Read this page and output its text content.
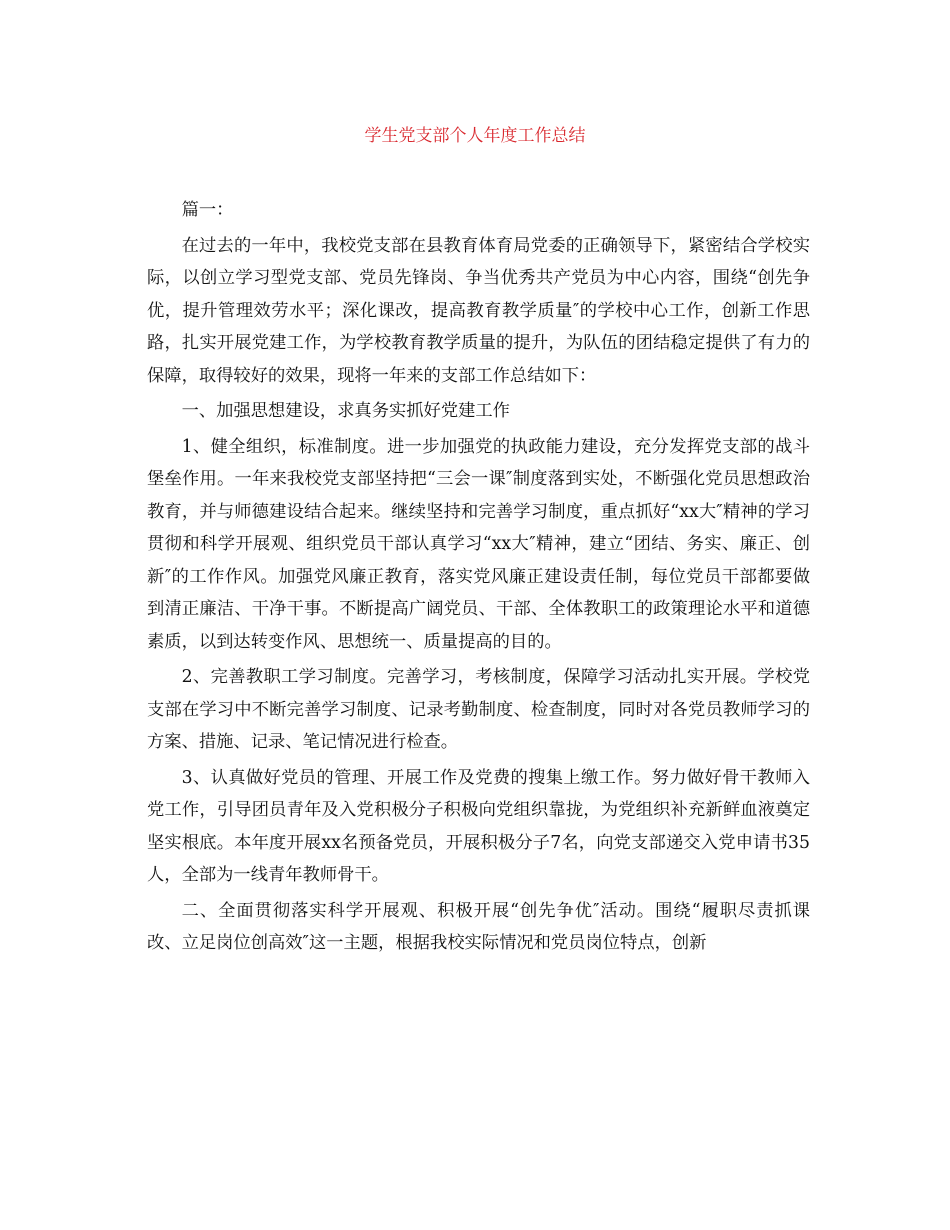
学生党支部个人年度工作总结

篇一：

在过去的一年中，我校党支部在县教育体育局党委的正确领导下，紧密结合学校实际，以创立学习型党支部、党员先锋岗、争当优秀共产党员为中心内容，围绕“创先争优，提升管理效劳水平；深化课改，提高教育教学质量″的学校中心工作，创新工作思路，扎实开展党建工作，为学校教育教学质量的提升，为队伍的团结稳定提供了有力的保障，取得较好的效果，现将一年来的支部工作总结如下：

一、加强思想建设，求真务实抓好党建工作

1、健全组织，标准制度。进一步加强党的执政能力建设，充分发挥党支部的战斗堡垒作用。一年来我校党支部坚持把“三会一课″制度落到实处，不断强化党员思想政治教育，并与师德建设结合起来。继续坚持和完善学习制度，重点抓好“xx大″精神的学习贯彻和科学开展观、组织党员干部认真学习“xx大″精神，建立“团结、务实、廉正、创新″的工作作风。加强党风廉正教育，落实党风廉正建设责任制，每位党员干部都要做到清正廉洁、干净干事。不断提高广阔党员、干部、全体教职工的政策理论水平和道德素质，以到达转变作风、思想统一、质量提高的目的。

2、完善教职工学习制度。完善学习，考核制度，保障学习活动扎实开展。学校党支部在学习中不断完善学习制度、记录考勤制度、检查制度，同时对各党员教师学习的方案、措施、记录、笔记情况进行检查。

3、认真做好党员的管理、开展工作及党费的搜集上缴工作。努力做好骨干教师入党工作，引导团员青年及入党积极分子积极向党组织靠拢，为党组织补充新鲜血液奠定坚实根底。本年度开展xx名预备党员，开展积极分子7名，向党支部递交入党申请书35人，全部为一线青年教师骨干。

二、全面贯彻落实科学开展观、积极开展“创先争优″活动。围绕“履职尽责抓课改、立足岗位创高效″这一主题，根据我校实际情况和党员岗位特点，创新
